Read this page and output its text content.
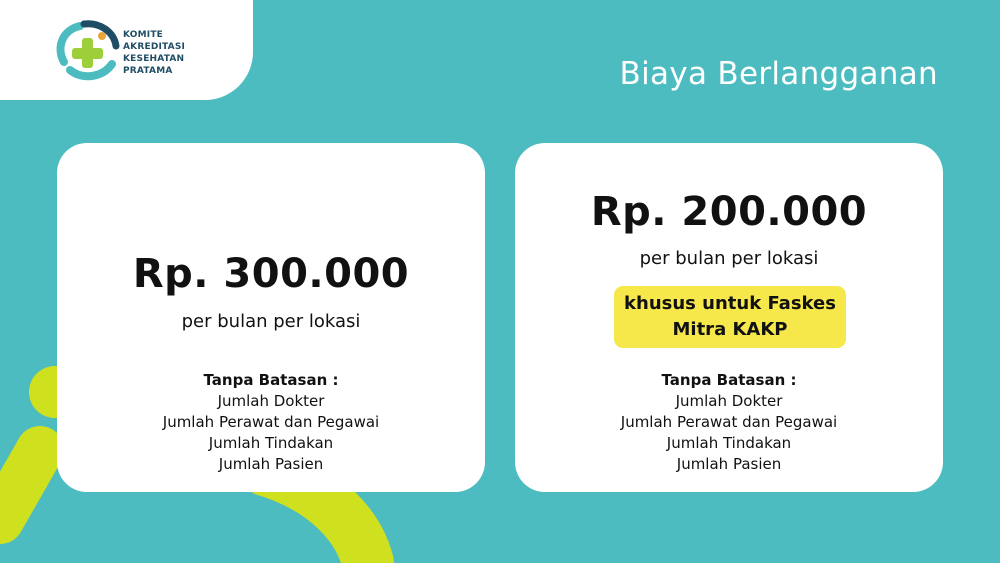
KOMITE
AKREDITASI
KESEHATAN
PRATAMA	Biaya Berlangganan
Rp. 300.000
per bulan per lokasi
Tanpa Batasan :
Jumlah Dokter
Jumlah Perawat dan Pegawai
Jumlah Tindakan
Jumlah Pasien
Rp. 200.000
per bulan per lokasi
khusus untuk Faskes
Mitra KAKP
Tanpa Batasan :
Jumlah Dokter
Jumlah Perawat dan Pegawai
Jumlah Tindakan
Jumlah Pasien
